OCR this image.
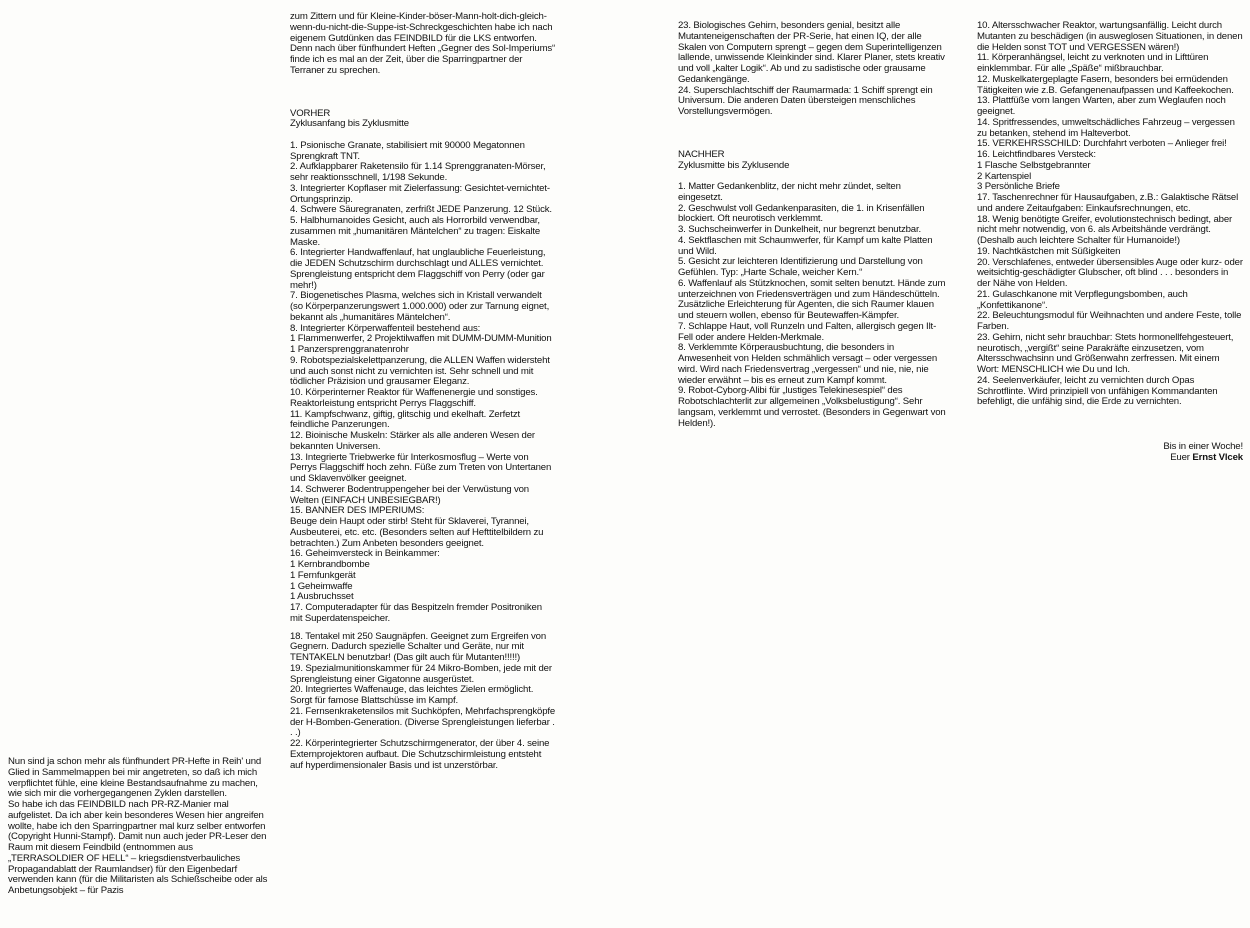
Nun sind ja schon mehr als fünfhundert PR-Hefte in Reih' und Glied in Sammelmappen bei mir angetreten, so daß ich mich verpflichtet fühle, eine kleine Bestandsaufnahme zu machen, wie sich mir die vorhergegangenen Zyklen darstellen.

So habe ich das FEINDBILD nach PR-RZ-Manier mal aufgelistet. Da ich aber kein besonderes Wesen hier angreifen wollte, habe ich den Sparringpartner mal kurz selber entworfen (Copyright Hunni-Stampf). Damit nun auch jeder PR-Leser den Raum mit diesem Feindbild (entnommen aus „TERRASOLDIER OF HELL“ – kriegsdienstverbauliches Propagandablatt der Raumlandser) für den Eigenbedarf verwenden kann (für die Militaristen als Schießscheibe oder als Anbetungsobjekt – für Pazis

zum Zittern und für Kleine-Kinder-böser-Mann-holt-dich-gleich-wenn-du-nicht-die-Suppe-ist-Schreckgeschichten habe ich nach eigenem Gutdünken das FEINDBILD für die LKS entworfen. Denn nach über fünfhundert Heften „Gegner des Sol-Imperiums“ finde ich es mal an der Zeit, über die Sparringpartner der Terraner zu sprechen.

VORHER

Zyklusanfang bis Zyklusmitte

1. Psionische Granate, stabilisiert mit 90000 Megatonnen Sprengkraft TNT.

2. Aufklappbarer Raketensilo für 1.14 Sprenggranaten-Mörser, sehr reaktionsschnell, 1/198 Sekunde.

3. Integrierter Kopflaser mit Zielerfassung: Gesichtet-vernichtet-Ortungsprinzip.

4. Schwere Säuregranaten, zerfrißt JEDE Panzerung. 12 Stück.

5. Halbhumanoides Gesicht, auch als Horrorbild verwendbar, zusammen mit „humanitären Mäntelchen“ zu tragen: Eiskalte Maske.

6. Integrierter Handwaffenlauf, hat unglaubliche Feuerleistung, die JEDEN Schutzschirm durchschlagt und ALLES vernichtet. Sprengleistung entspricht dem Flaggschiff von Perry (oder gar mehr!)

7. Biogenetisches Plasma, welches sich in Kristall verwandelt (so Körperpanzerungswert 1.000.000) oder zur Tarnung eignet, bekannt als „humanitäres Mäntelchen“.

8. Integrierter Körperwaffenteil bestehend aus:

1 Flammenwerfer, 2 Projektilwaffen mit DUMM-DUMM-Munition 1 Panzersprenggranatenrohr

9. Robotspezialskelettpanzerung, die ALLEN Waffen widersteht und auch sonst nicht zu vernichten ist. Sehr schnell und mit tödlicher Präzision und grausamer Eleganz.

10. Körperinterner Reaktor für Waffenenergie und sonstiges. Reaktorleistung entspricht Perrys Flaggschiff.

11. Kampfschwanz, giftig, glitschig und ekelhaft. Zerfetzt feindliche Panzerungen.

12. Bioinische Muskeln: Stärker als alle anderen Wesen der bekannten Universen.

13. Integrierte Triebwerke für Interkosmosflug – Werte von Perrys Flaggschiff hoch zehn. Füße zum Treten von Untertanen und Sklavenvölker geeignet.

14. Schwerer Bodentruppengeher bei der Verwüstung von Welten (EINFACH UNBESIEGBAR!)

15. BANNER DES IMPERIUMS:

Beuge dein Haupt oder stirb! Steht für Sklaverei, Tyrannei, Ausbeuterei, etc. etc. (Besonders selten auf Hefttitelbildern zu betrachten.) Zum Anbeten besonders geeignet.

16. Geheimversteck in Beinkammer:

1 Kernbrandbombe

1 Fernfunkgerät

1 Geheimwaffe

1 Ausbruchsset

17. Computeradapter für das Bespitzeln fremder Positroniken mit Superdatenspeicher.

18. Tentakel mit 250 Saugnäpfen. Geeignet zum Ergreifen von Gegnern. Dadurch spezielle Schalter und Geräte, nur mit TENTAKELN benutzbar! (Das gilt auch für Mutanten!!!!!)

19. Spezialmunitionskammer für 24 Mikro-Bomben, jede mit der Sprengleistung einer Gigatonne ausgerüstet.

20. Integriertes Waffenauge, das leichtes Zielen ermöglicht. Sorgt für famose Blattschüsse im Kampf.

21. Fernsenkraketensilos mit Suchköpfen, Mehrfachsprengköpfe der H-Bomben-Generation. (Diverse Sprengleistungen lieferbar . . .)

22. Körperintegrierter Schutzschirmgenerator, der über 4. seine Externprojektoren aufbaut. Die Schutzschirmleistung entsteht auf hyperdimensionaler Basis und ist unzerstörbar.

23. Biologisches Gehirn, besonders genial, besitzt alle Mutanteneigenschaften der PR-Serie, hat einen IQ, der alle Skalen von Computern sprengt – gegen dem Superintelligenzen lallende, unwissende Kleinkinder sind. Klarer Planer, stets kreativ und voll „kalter Logik“. Ab und zu sadistische oder grausame Gedankengänge.

24. Superschlachtschiff der Raumarmada: 1 Schiff sprengt ein Universum. Die anderen Daten übersteigen menschliches Vorstellungsvermögen.

NACHHER

Zyklusmitte bis Zyklusende

1. Matter Gedankenblitz, der nicht mehr zündet, selten eingesetzt.

2. Geschwulst voll Gedankenparasiten, die 1. in Krisenfällen blockiert. Oft neurotisch verklemmt.

3. Suchscheinwerfer in Dunkelheit, nur begrenzt benutzbar.

4. Sektflaschen mit Schaumwerfer, für Kampf um kalte Platten und Wild.

5. Gesicht zur leichteren Identifizierung und Darstellung von Gefühlen. Typ: „Harte Schale, weicher Kern.“

6. Waffenlauf als Stützknochen, somit selten benutzt. Hände zum unterzeichnen von Friedensverträgen und zum Händeschütteln. Zusätzliche Erleichterung für Agenten, die sich Raumer klauen und steuern wollen, ebenso für Beutewaffen-Kämpfer.

7. Schlappe Haut, voll Runzeln und Falten, allergisch gegen Ilt-Fell oder andere Helden-Merkmale.

8. Verklemmte Körperausbuchtung, die besonders in Anwesenheit von Helden schmählich versagt – oder vergessen wird. Wird nach Friedensvertrag „vergessen“ und nie, nie, nie wieder erwähnt – bis es erneut zum Kampf kommt.

9. Robot-Cyborg-Alibi für „lustiges Telekinesespiel“ des Robotschlachterlit zur allgemeinen „Volksbelustigung“. Sehr langsam, verklemmt und verrostet. (Besonders in Gegenwart von Helden!).

10. Altersschwacher Reaktor, wartungsanfällig. Leicht durch Mutanten zu beschädigen (in ausweglosen Situationen, in denen die Helden sonst TOT und VERGESSEN wären!)

11. Körperanhängsel, leicht zu verknoten und in Lifttüren einklemmbar. Für alle „Späße“ mißbrauchbar.

12. Muskelkatergeplagte Fasern, besonders bei ermüdenden Tätigkeiten wie z.B. Gefangenenaufpassen und Kaffeekochen.

13. Plattfüße vom langen Warten, aber zum Weglaufen noch geeignet.

14. Spritfressendes, umweltschädliches Fahrzeug – vergessen zu betanken, stehend im Halteverbot.

15. VERKEHRSSCHILD: Durchfahrt verboten – Anlieger frei!

16. Leichtfindbares Versteck:

1 Flasche Selbstgebrannter

2 Kartenspiel

3 Persönliche Briefe

17. Taschenrechner für Hausaufgaben, z.B.: Galaktische Rätsel und andere Zeitaufgaben: Einkaufsrechnungen, etc.

18. Wenig benötigte Greifer, evolutionstechnisch bedingt, aber nicht mehr notwendig, von 6. als Arbeitshände verdrängt. (Deshalb auch leichtere Schalter für Humanoide!)

19. Nachtkästchen mit Süßigkeiten

20. Verschlafenes, entweder übersensibles Auge oder kurz- oder weitsichtig-geschädigter Glubscher, oft blind . . . besonders in der Nähe von Helden.

21. Gulaschkanone mit Verpflegungsbomben, auch „Konfettikanone“.

22. Beleuchtungsmodul für Weihnachten und andere Feste, tolle Farben.

23. Gehirn, nicht sehr brauchbar: Stets hormonellfehgesteuert, neurotisch, „vergißt“ seine Parakräfte einzusetzen, vom Altersschwachsinn und Größenwahn zerfressen. Mit einem Wort: MENSCHLICH wie Du und Ich.

24. Seelenverkäufer, leicht zu vernichten durch Opas Schrotflinte. Wird prinzipiell von unfähigen Kommandanten befehligt, die unfähig sind, die Erde zu vernichten.

Bis in einer Woche!

Euer Ernst Vlcek
